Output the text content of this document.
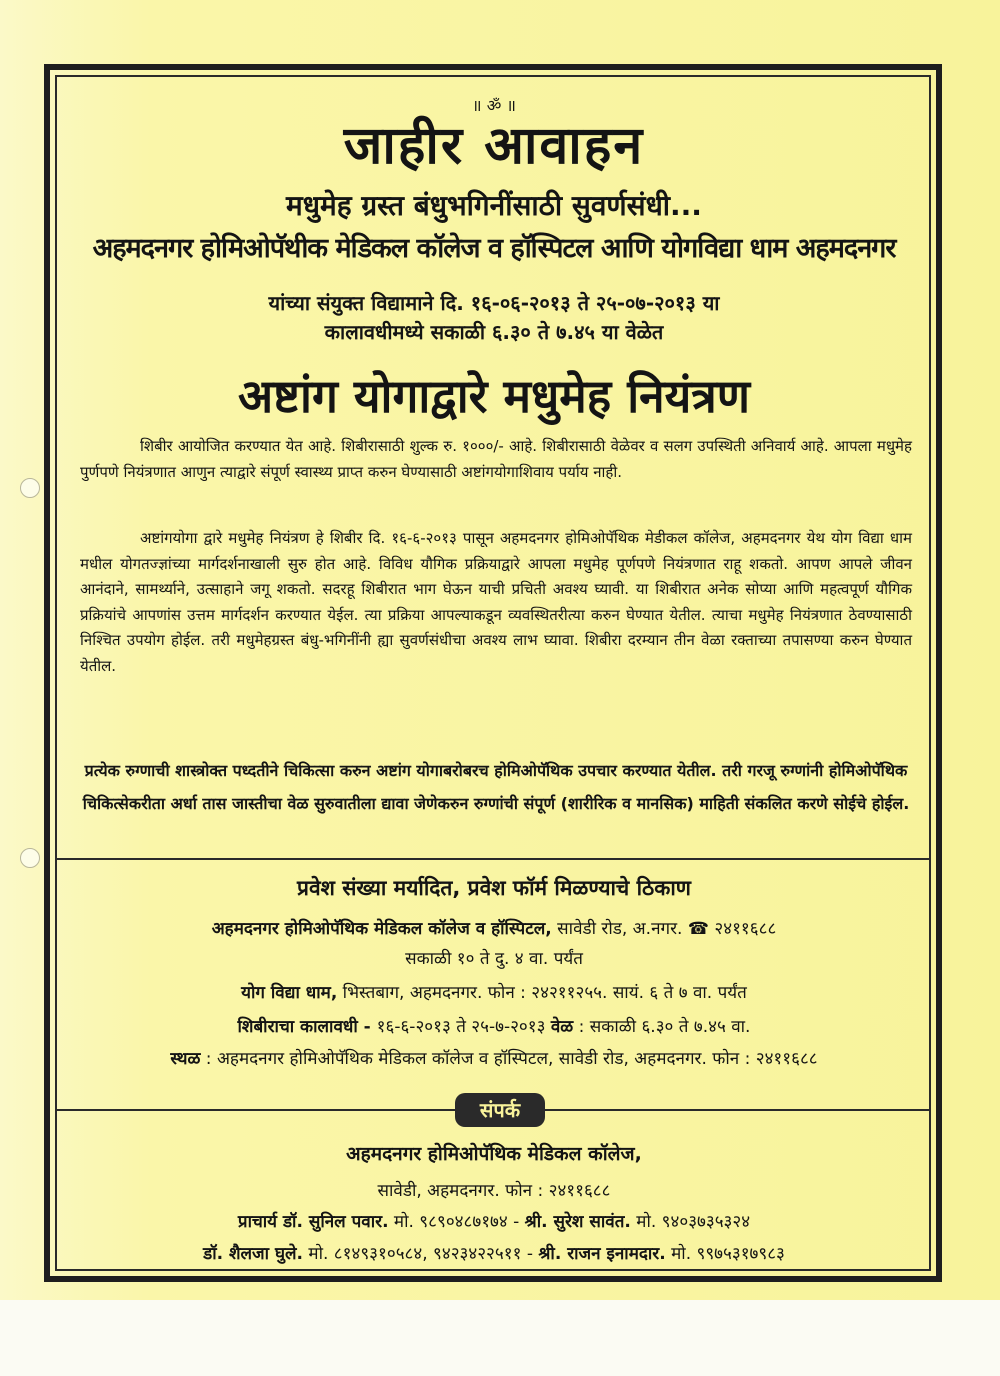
॥ ॐ ॥
जाहीर आवाहन
मधुमेह ग्रस्त बंधुभगिनींसाठी सुवर्णसंधी...
अहमदनगर होमिओपॅथीक मेडिकल कॉलेज व हॉस्पिटल आणि योगविद्या धाम अहमदनगर
यांच्या संयुक्त विद्यामाने दि. १६-०६-२०१३ ते २५-०७-२०१३ या
कालावधीमध्ये सकाळी ६.३० ते ७.४५ या वेळेत
अष्टांग योगाद्वारे मधुमेह नियंत्रण
शिबीर आयोजित करण्यात येत आहे. शिबीरासाठी शुल्क रु. १०००/- आहे. शिबीरासाठी वेळेवर व सलग उपस्थिती अनिवार्य आहे. आपला मधुमेह पुर्णपणे नियंत्रणात आणुन त्याद्वारे संपूर्ण स्वास्थ्य प्राप्त करुन घेण्यासाठी अष्टांगयोगाशिवाय पर्याय नाही.
अष्टांगयोगा द्वारे मधुमेह नियंत्रण हे शिबीर दि. १६-६-२०१३ पासून अहमदनगर होमिओपॅथिक मेडीकल कॉलेज, अहमदनगर येथ योग विद्या धाम मधील योगतज्ज्ञांच्या मार्गदर्शनाखाली सुरु होत आहे. विविध यौगिक प्रक्रियाद्वारे आपला मधुमेह पूर्णपणे नियंत्रणात राहू शकतो. आपण आपले जीवन आनंदाने, सामर्थ्याने, उत्साहाने जगू शकतो. सदरहू शिबीरात भाग घेऊन याची प्रचिती अवश्य घ्यावी. या शिबीरात अनेक सोप्या आणि महत्वपूर्ण यौगिक प्रक्रियांचे आपणांस उत्तम मार्गदर्शन करण्यात येईल. त्या प्रक्रिया आपल्याकडून व्यवस्थितरीत्या करुन घेण्यात येतील. त्याचा मधुमेह नियंत्रणात ठेवण्यासाठी निश्चित उपयोग होईल. तरी मधुमेहग्रस्त बंधु-भगिनींनी ह्या सुवर्णसंधीचा अवश्य लाभ घ्यावा. शिबीरा दरम्यान तीन वेळा रक्ताच्या तपासण्या करुन घेण्यात येतील.
प्रत्येक रुग्णाची शास्त्रोक्त पध्दतीने चिकित्सा करुन अष्टांग योगाबरोबरच होमिओपॅथिक उपचार करण्यात येतील. तरी गरजू रुग्णांनी होमिओपॅथिक चिकित्सेकरीता अर्धा तास जास्तीचा वेळ सुरुवातीला द्यावा जेणेकरुन रुग्णांची संपूर्ण (शारीरिक व मानसिक) माहिती संकलित करणे सोईचे होईल.
प्रवेश संख्या मर्यादित, प्रवेश फॉर्म मिळण्याचे ठिकाण
अहमदनगर होमिओपॅथिक मेडिकल कॉलेज व हॉस्पिटल, सावेडी रोड, अ.नगर. ☎ २४११६८८
सकाळी १० ते दु. ४ वा. पर्यंत
योग विद्या धाम, भिस्तबाग, अहमदनगर. फोन : २४२११२५५. सायं. ६ ते ७ वा. पर्यंत
शिबीराचा कालावधी - १६-६-२०१३ ते २५-७-२०१३ वेळ : सकाळी ६.३० ते ७.४५ वा.
स्थळ : अहमदनगर होमिओपॅथिक मेडिकल कॉलेज व हॉस्पिटल, सावेडी रोड, अहमदनगर. फोन : २४११६८८
संपर्क
अहमदनगर होमिओपॅथिक मेडिकल कॉलेज,
सावेडी, अहमदनगर. फोन : २४११६८८
प्राचार्य डॉ. सुनिल पवार. मो. ९८९०४८७१७४ - श्री. सुरेश सावंत. मो. ९४०३७३५३२४
डॉ. शैलजा घुले. मो. ८१४९३१०५८४, ९४२३४२२५११ - श्री. राजन इनामदार. मो. ९९७५३१७९८३
